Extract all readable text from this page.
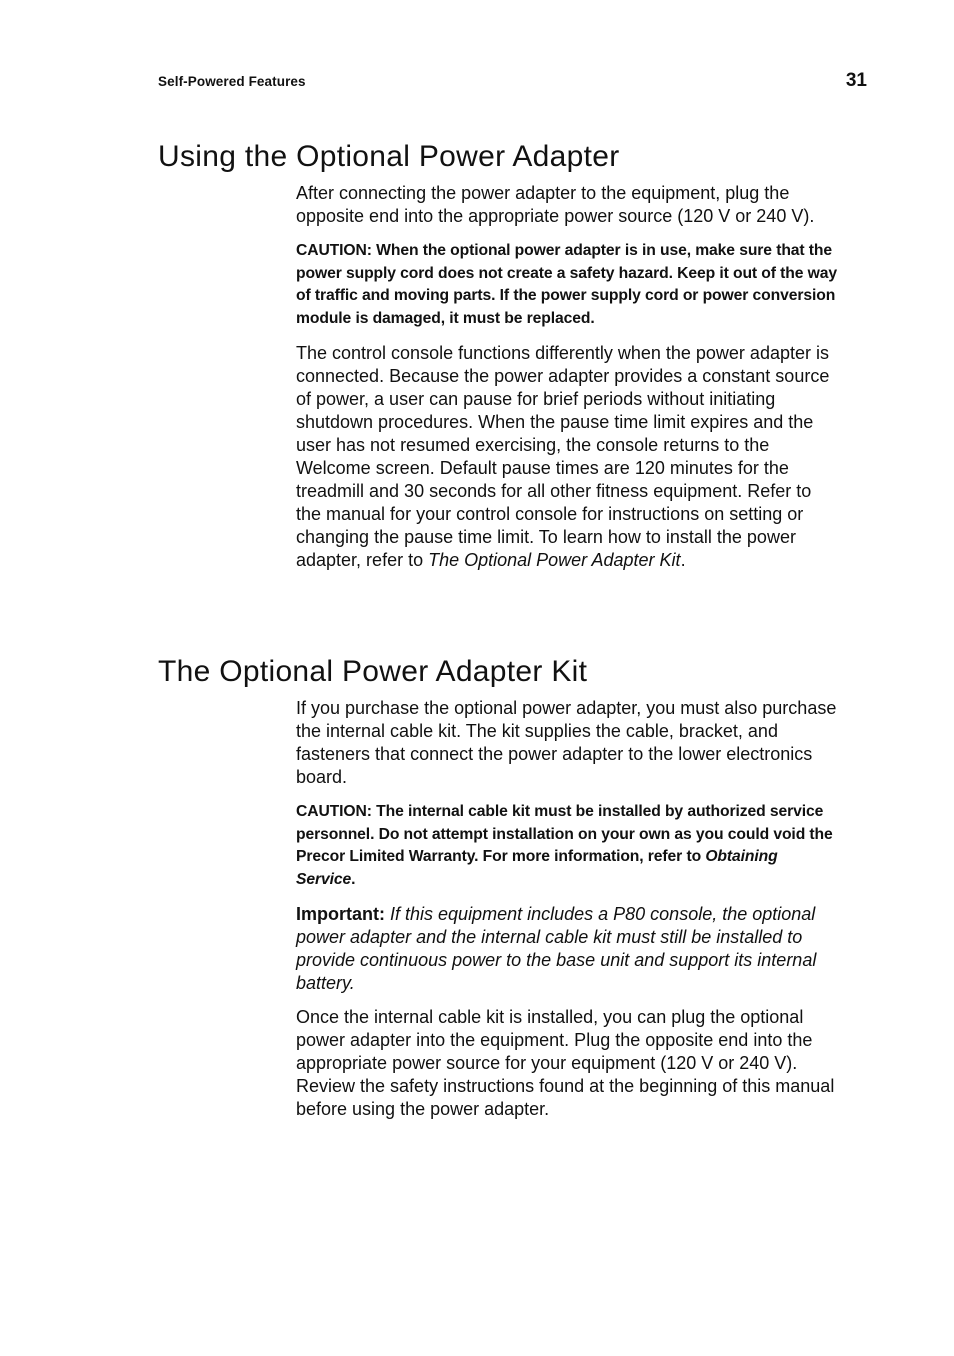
Self-Powered Features	31
Using the Optional Power Adapter

After connecting the power adapter to the equipment, plug the opposite end into the appropriate power source (120 V or 240 V).

CAUTION: When the optional power adapter is in use, make sure that the power supply cord does not create a safety hazard. Keep it out of the way of traffic and moving parts. If the power supply cord or power conversion module is damaged, it must be replaced.

The control console functions differently when the power adapter is connected. Because the power adapter provides a constant source of power, a user can pause for brief periods without initiating shutdown procedures. When the pause time limit expires and the user has not resumed exercising, the console returns to the Welcome screen. Default pause times are 120 minutes for the treadmill and 30 seconds for all other fitness equipment. Refer to the manual for your control console for instructions on setting or changing the pause time limit. To learn how to install the power adapter, refer to The Optional Power Adapter Kit.

The Optional Power Adapter Kit

If you purchase the optional power adapter, you must also purchase the internal cable kit. The kit supplies the cable, bracket, and fasteners that connect the power adapter to the lower electronics board.

CAUTION: The internal cable kit must be installed by authorized service personnel. Do not attempt installation on your own as you could void the Precor Limited Warranty. For more information, refer to Obtaining Service.

Important: If this equipment includes a P80 console, the optional power adapter and the internal cable kit must still be installed to provide continuous power to the base unit and support its internal battery.

Once the internal cable kit is installed, you can plug the optional power adapter into the equipment. Plug the opposite end into the appropriate power source for your equipment (120 V or 240 V). Review the safety instructions found at the beginning of this manual before using the power adapter.
